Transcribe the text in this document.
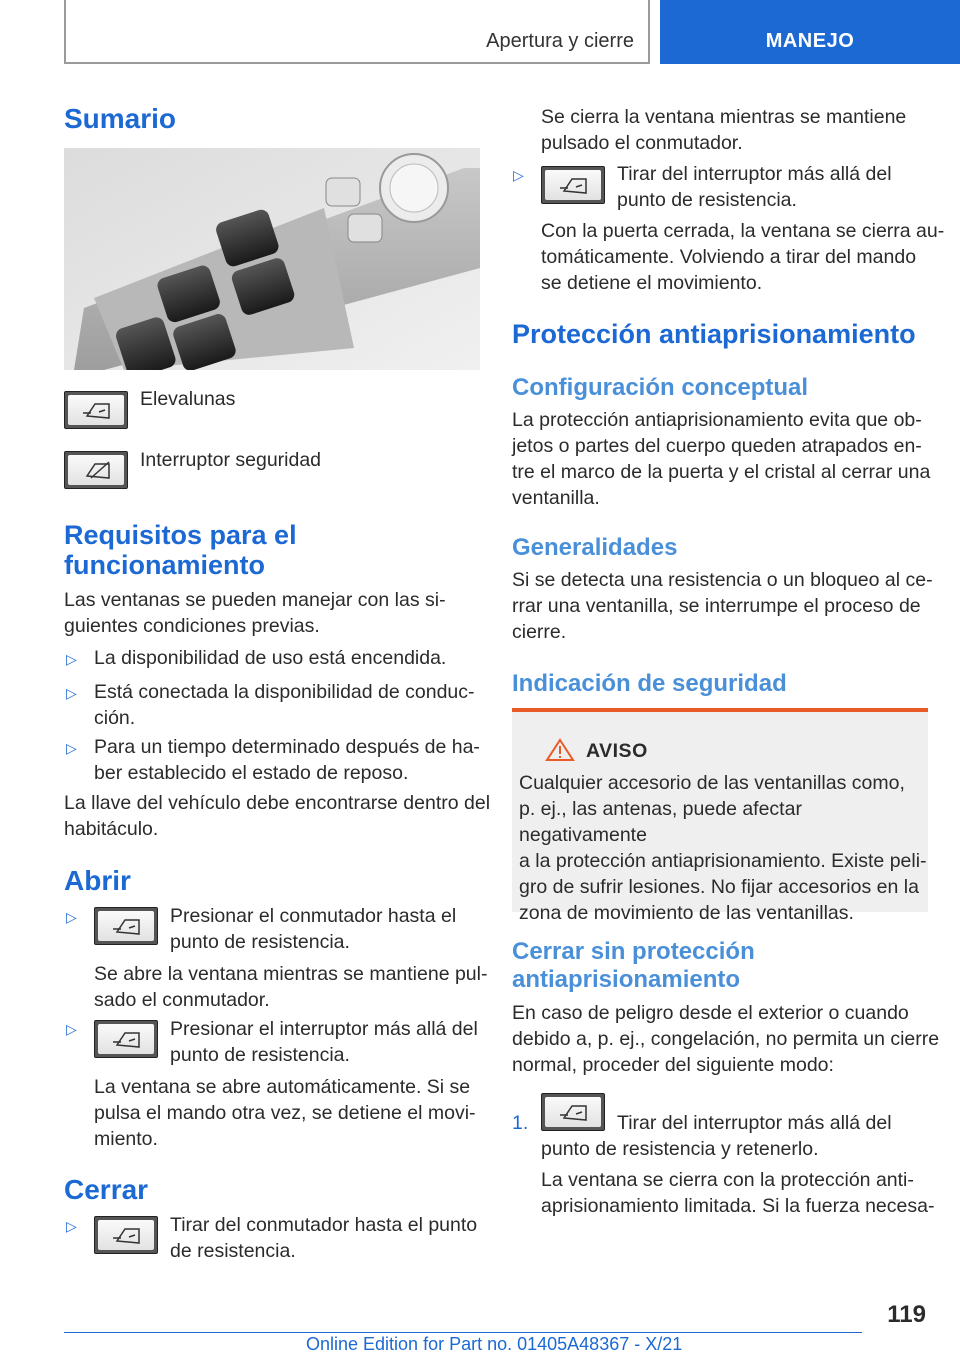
Apertura y cierre	MANEJO
Sumario
Elevalunas
Interruptor seguridad
Requisitos para el
funcionamiento
Las ventanas se pueden manejar con las si-
guientes condiciones previas.
▷ La disponibilidad de uso está encendida.
▷ Está conectada la disponibilidad de conduc-
ción.
▷ Para un tiempo determinado después de ha-
ber establecido el estado de reposo.
La llave del vehículo debe encontrarse dentro del
habitáculo.
Abrir
▷	Presionar el conmutador hasta el
punto de resistencia.
Se abre la ventana mientras se mantiene pul-
sado el conmutador.
▷	Presionar el interruptor más allá del
punto de resistencia.
La ventana se abre automáticamente. Si se
pulsa el mando otra vez, se detiene el movi-
miento.
Cerrar
▷	Tirar del conmutador hasta el punto
de resistencia.
Se cierra la ventana mientras se mantiene
pulsado el conmutador.
▷	Tirar del interruptor más allá del
punto de resistencia.
Con la puerta cerrada, la ventana se cierra au-
tomáticamente. Volviendo a tirar del mando
se detiene el movimiento.
Protección antiaprisionamiento
Configuración conceptual
La protección antiaprisionamiento evita que ob-
jetos o partes del cuerpo queden atrapados en-
tre el marco de la puerta y el cristal al cerrar una
ventanilla.
Generalidades
Si se detecta una resistencia o un bloqueo al ce-
rrar una ventanilla, se interrumpe el proceso de
cierre.
Indicación de seguridad
AVISO
Cualquier accesorio de las ventanillas como,
p. ej., las antenas, puede afectar negativamente
a la protección antiaprisionamiento. Existe peli-
gro de sufrir lesiones. No fijar accesorios en la
zona de movimiento de las ventanillas.
Cerrar sin protección
antiaprisionamiento
En caso de peligro desde el exterior o cuando
debido a, p. ej., congelación, no permita un cierre
normal, proceder del siguiente modo:
1.	Tirar del interruptor más allá del
punto de resistencia y retenerlo.
La ventana se cierra con la protección anti-
aprisionamiento limitada. Si la fuerza necesa-
119
Online Edition for Part no. 01405A48367 - X/21
